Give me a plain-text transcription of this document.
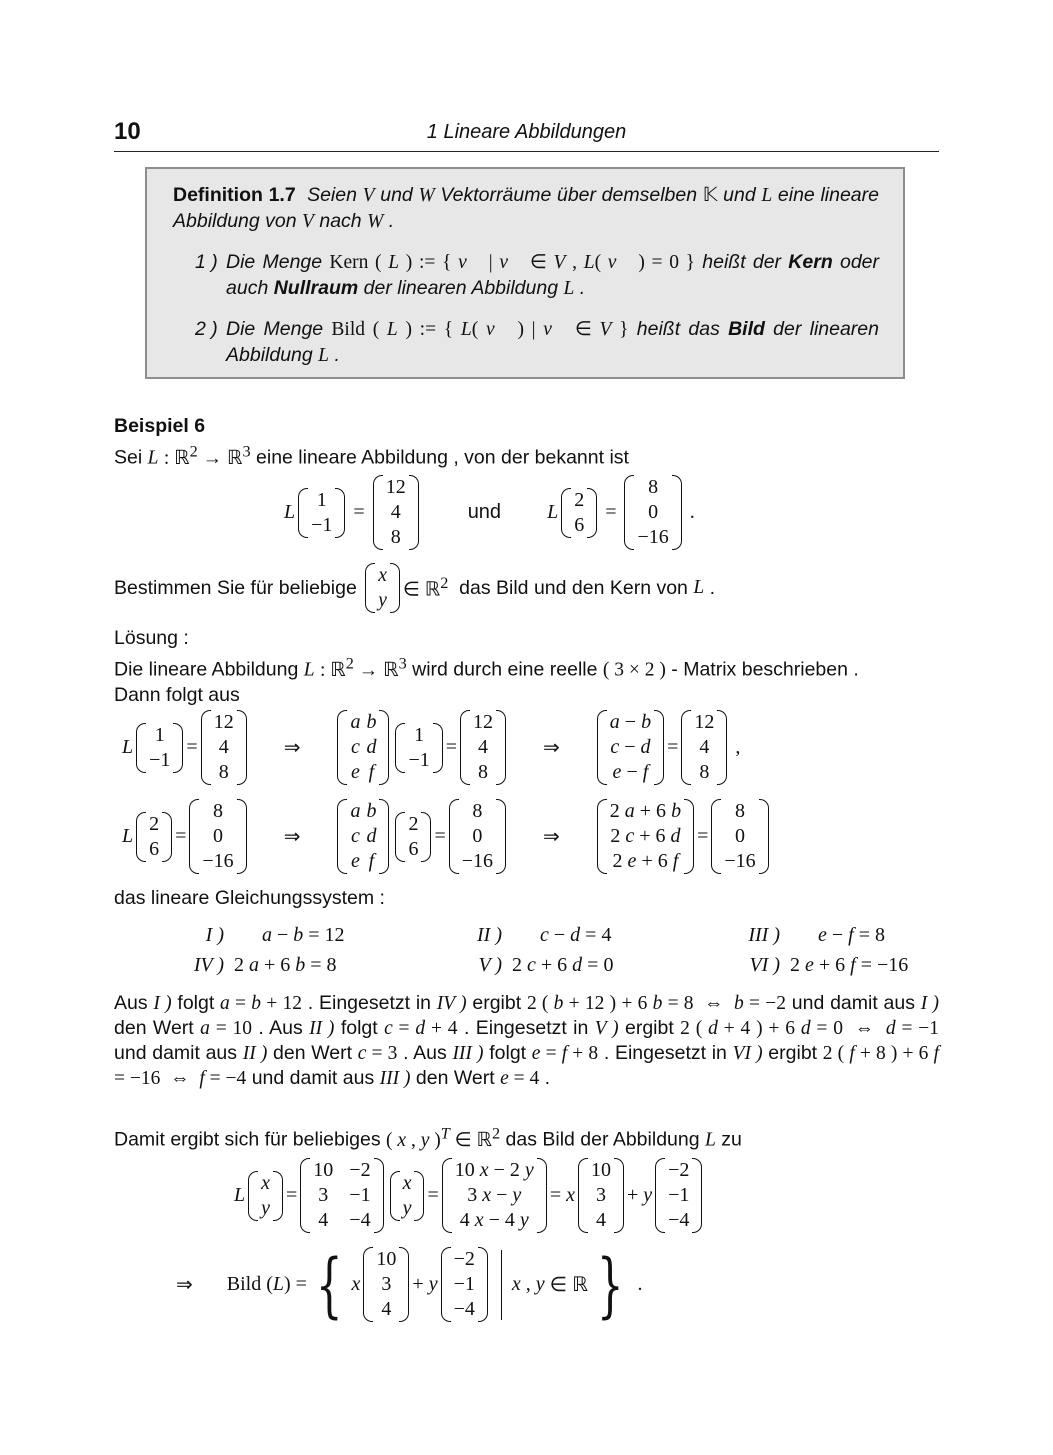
10	1 Lineare Abbildungen

Definition 1.7  Seien V und W Vektorräume über demselben 𝕂 und L eine lineare Abbildung von V nach W .

1 ) Die Menge Kern ( L ) := { v⃗ | v⃗ ∈ V , L( v⃗ ) = 0 } heißt der Kern oder auch Nullraum der linearen Abbildung L .

2 ) Die Menge Bild ( L ) := { L( v⃗ ) | v⃗ ∈ V } heißt das Bild der linearen Abbildung L .

Beispiel 6
Sei L : ℝ$^2$ → ℝ$^3$ eine lineare Abbildung , von der bekannt ist
L
1
−1
=
12
4
8
und L
2
6
=
8
0
−16
.
Bestimmen Sie für beliebige

x
y ∈ ℝ$^2$ das Bild und den Kern von L .
Lösung :
Die lineare Abbildung L : ℝ$^2$ → ℝ$^3$ wird durch eine reelle ( 3 × 2 ) - Matrix beschrieben .
Dann folgt aus
L
1
−1
=
12
4
8
⇒
a	b
c	d
e	f
1
−1
=
12
4
8
⇒
a − b
c − d
e − f
=
12
4
8
,
L
2
6
=
8
0
−16
⇒
a	b
c	d
e	f
2
6
=
8
0
−16
⇒
2 a + 6 b
2 c + 6 d
2 e + 6 f
=
8
0
−16
das lineare Gleichungssystem :
I )	a − b = 12	II )	c − d = 4	III )	e − f = 8
IV )	2 a + 6 b = 8	V )	2 c + 6 d = 0	VI )	2 e + 6 f = −16
Aus I ) folgt a = b + 12 . Eingesetzt in IV ) ergibt 2 ( b + 12 ) + 6 b = 8  ⇔  b = −2 und damit aus I ) den Wert a = 10 . Aus II ) folgt c = d + 4 . Eingesetzt in V ) ergibt 2 ( d + 4 ) + 6 d = 0  ⇔  d = −1 und damit aus II ) den Wert c = 3 . Aus III ) folgt e = f + 8 . Eingesetzt in VI ) ergibt 2 ( f + 8 ) + 6 f = −16  ⇔  f = −4 und damit aus III ) den Wert e = 4 .
Damit ergibt sich für beliebiges ( x , y )$^T$ ∈ ℝ$^2$ das Bild der Abbildung L zu
L
x
y
=
10	−2
3	−1
4	−4
x
y
=
10 x − 2 y
3 x − y
4 x − 4 y
= x
10
3
4
+ y
−2
−1
−4
⇒ Bild ( L ) = { x
10
3
4
+ y
−2
−1
−4
x , y ∈ ℝ } .
